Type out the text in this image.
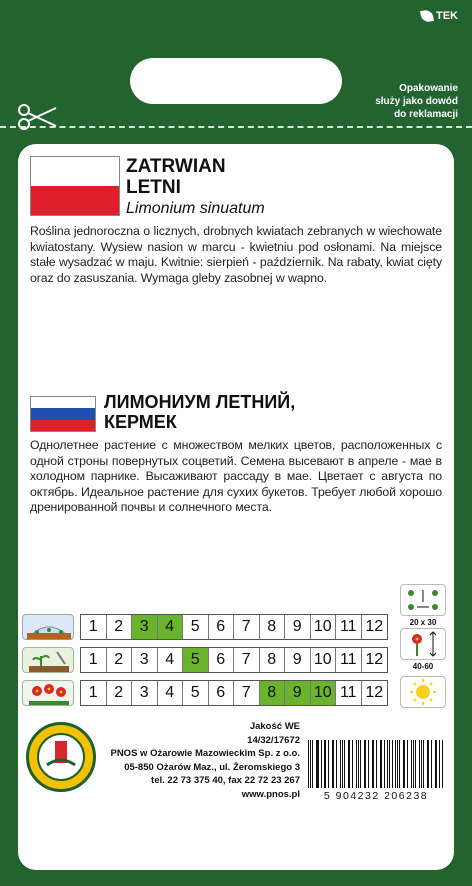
TEK
Opakowanie
służy jako dowód
do reklamacji
ZATRWIAN
LETNI
Limonium sinuatum
Roślina jednoroczna o licznych, drobnych kwiatach zebranych w wiechowate kwiatostany. Wysiew nasion w marcu - kwietniu pod osłonami. Na miejsce stałe wysadzać w maju. Kwitnie: sierpień - październik. Na rabaty, kwiat cięty oraz do zasuszania. Wymaga gleby zasobnej w wapno.
ЛИМОНИУМ ЛЕТНИЙ,
КЕРМЕК
Однолетнее растение с множеством мелких цветов, расположенных с одной строны повернутых соцветий. Семена высевают в апреле - мае в холодном парнике. Высаживают рассаду в мае. Цветает с августа по октябрь. Идеальное растение для сухих букетов. Требует любой хорошо дренированной почвы и солнечного места.
1	2	3	4	5	6	7	8	9 10 11 12
1	2	3	4	5	6	7	8	9 10 11 12
1	2	3	4	5	6	7	8	9 10 11 12
20 x 30
40-60
Jakość WE
14/32/17672
PNOS w Ożarowie Mazowieckim Sp. z o.o.
05-850 Ożarów Maz., ul. Żeromskiego 3
tel. 22 73 375 40, fax 22 72 23 267
www.pnos.pl	5 904232 206238
